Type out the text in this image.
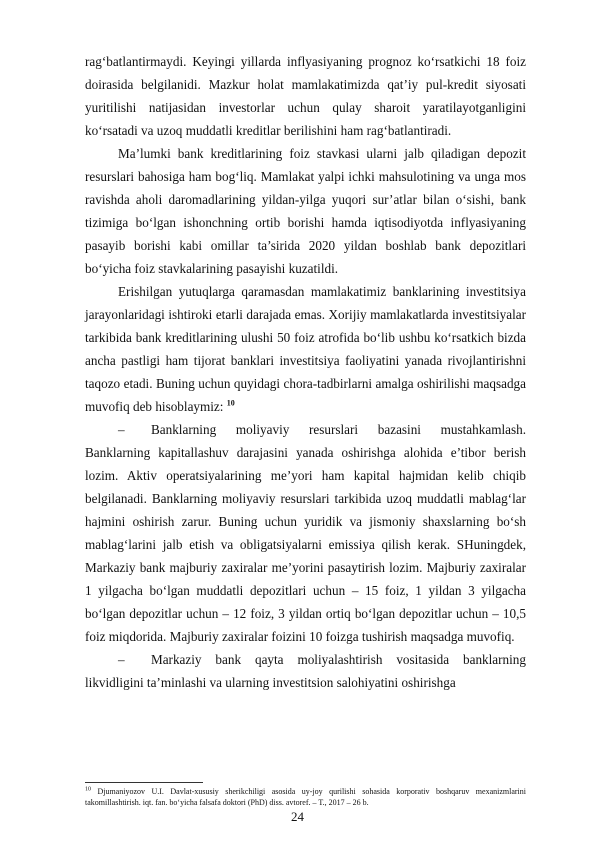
rag‘batlantirmaydi. Keyingi yillarda inflyasiyaning prognoz ko‘rsatkichi 18 foiz doirasida belgilanidi. Mazkur holat mamlakatimizda qat’iy pul-kredit siyosati yuritilishi natijasidan investorlar uchun qulay sharoit yaratilayotganligini ko‘rsatadi va uzoq muddatli kreditlar berilishini ham rag‘batlantiradi.

Ma’lumki bank kreditlarining foiz stavkasi ularni jalb qiladigan depozit resurslari bahosiga ham bog‘liq. Mamlakat yalpi ichki mahsulotining va unga mos ravishda aholi daromadlarining yildan-yilga yuqori sur’atlar bilan o‘sishi, bank tizimiga bo‘lgan ishonchning ortib borishi hamda iqtisodiyotda inflyasiyaning pasayib borishi kabi omillar ta’sirida 2020 yildan boshlab bank depozitlari bo‘yicha foiz stavkalarining pasayishi kuzatildi.

Erishilgan yutuqlarga qaramasdan mamlakatimiz banklarining investitsiya jarayonlaridagi ishtiroki etarli darajada emas. Xorijiy mamlakatlarda investitsiyalar tarkibida bank kreditlarining ulushi 50 foiz atrofida bo‘lib ushbu ko‘rsatkich bizda ancha pastligi ham tijorat banklari investitsiya faoliyatini yanada rivojlantirishni taqozo etadi. Buning uchun quyidagi chora-tadbirlarni amalga oshirilishi maqsadga muvofiq deb hisoblaymiz: $^{10}$

–  Banklarning moliyaviy resurslari bazasini mustahkamlash. Banklarning kapitallashuv darajasini yanada oshirishga alohida e’tibor berish lozim. Aktiv operatsiyalarining me’yori ham kapital hajmidan kelib chiqib belgilanadi. Banklarning moliyaviy resurslari tarkibida uzoq muddatli mablag‘lar hajmini oshirish zarur. Buning uchun yuridik va jismoniy shaxslarning bo‘sh mablag‘larini jalb etish va obligatsiyalarni emissiya qilish kerak. SHuningdek, Markaziy bank majburiy zaxiralar me’yorini pasaytirish lozim. Majburiy zaxiralar 1 yilgacha bo‘lgan muddatli depozitlari uchun – 15 foiz, 1 yildan 3 yilgacha bo‘lgan depozitlar uchun – 12 foiz, 3 yildan ortiq bo‘lgan depozitlar uchun – 10,5 foiz miqdorida. Majburiy zaxiralar foizini 10 foizga tushirish maqsadga muvofiq.

–  Markaziy bank qayta moliyalashtirish vositasida banklarning likvidligini ta’minlashi va ularning investitsion salohiyatini oshirishga

$^{10}$ Djumaniyozov U.I. Davlat-xususiy sherikchiligi asosida uy-joy qurilishi sohasida korporativ boshqaruv mexanizmlarini takomillashtirish. iqt. fan. bo‘yicha falsafa doktori (PhD) diss. avtoref. – T., 2017 – 26 b.
24
